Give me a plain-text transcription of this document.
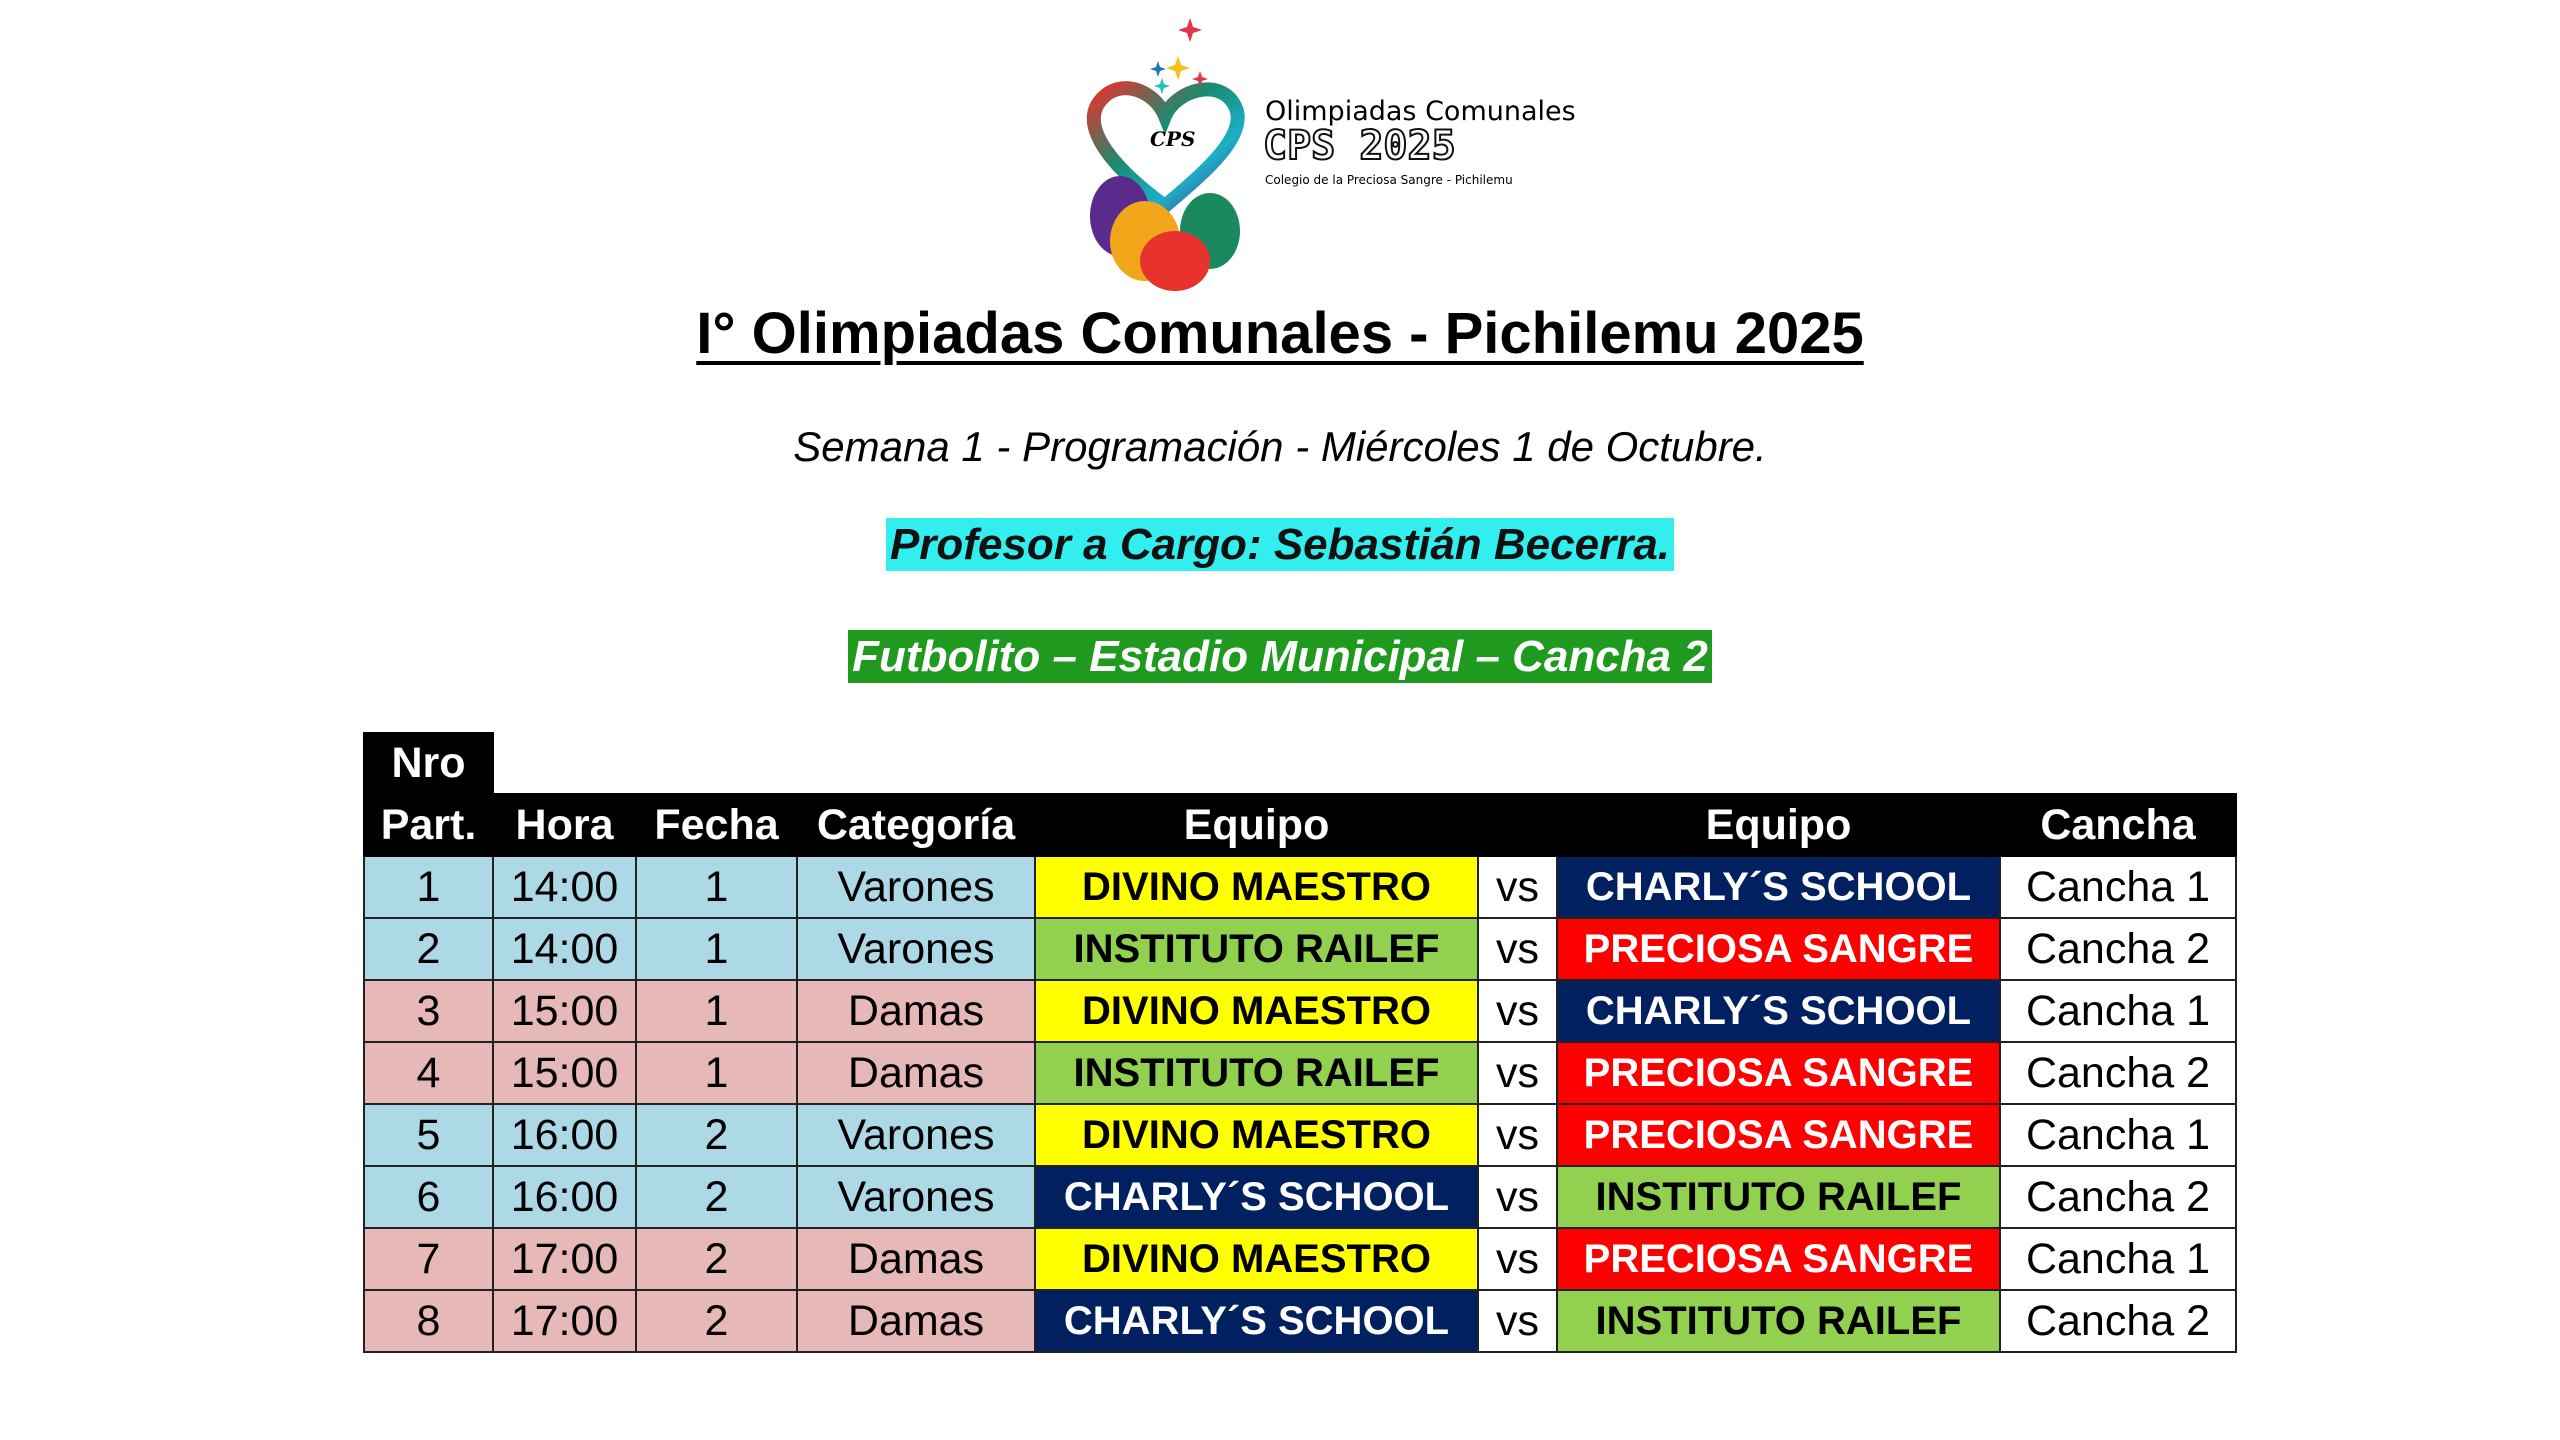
CPS
Olimpiadas Comunales
CPS 2025
Colegio de la Preciosa Sangre - Pichilemu
I° Olimpiadas Comunales - Pichilemu 2025
Semana 1 - Programación - Miércoles 1 de Octubre.
Profesor a Cargo: Sebastián Becerra.
Futbolito – Estadio Municipal – Cancha 2
Nro							
Part.	Hora	Fecha	Categoría	Equipo		Equipo	Cancha
1	14:00	1	Varones	DIVINO MAESTRO	vs	CHARLY´S SCHOOL	Cancha 1
2	14:00	1	Varones	INSTITUTO RAILEF	vs	PRECIOSA SANGRE	Cancha 2
3	15:00	1	Damas	DIVINO MAESTRO	vs	CHARLY´S SCHOOL	Cancha 1
4	15:00	1	Damas	INSTITUTO RAILEF	vs	PRECIOSA SANGRE	Cancha 2
5	16:00	2	Varones	DIVINO MAESTRO	vs	PRECIOSA SANGRE	Cancha 1
6	16:00	2	Varones	CHARLY´S SCHOOL	vs	INSTITUTO RAILEF	Cancha 2
7	17:00	2	Damas	DIVINO MAESTRO	vs	PRECIOSA SANGRE	Cancha 1
8	17:00	2	Damas	CHARLY´S SCHOOL	vs	INSTITUTO RAILEF	Cancha 2
